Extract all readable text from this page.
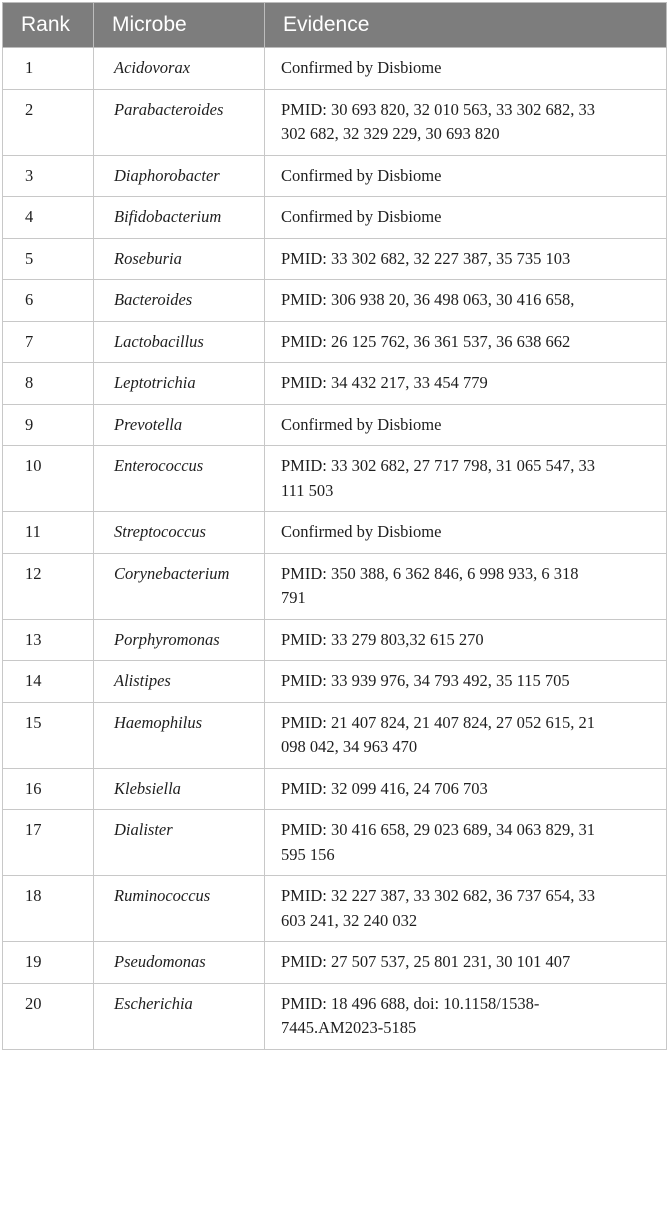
Rank	Microbe	Evidence
1	Acidovorax	Confirmed by Disbiome
2	Parabacteroides	PMID: 30 693 820, 32 010 563, 33 302 682, 33 302 682, 32 329 229, 30 693 820
3	Diaphorobacter	Confirmed by Disbiome
4	Bifidobacterium	Confirmed by Disbiome
5	Roseburia	PMID: 33 302 682, 32 227 387, 35 735 103
6	Bacteroides	PMID: 306 938 20, 36 498 063, 30 416 658,
7	Lactobacillus	PMID: 26 125 762, 36 361 537, 36 638 662
8	Leptotrichia	PMID: 34 432 217, 33 454 779
9	Prevotella	Confirmed by Disbiome
10	Enterococcus	PMID: 33 302 682, 27 717 798, 31 065 547, 33 111 503
11	Streptococcus	Confirmed by Disbiome
12	Corynebacterium	PMID: 350 388, 6 362 846, 6 998 933, 6 318 791
13	Porphyromonas	PMID: 33 279 803,32 615 270
14	Alistipes	PMID: 33 939 976, 34 793 492, 35 115 705
15	Haemophilus	PMID: 21 407 824, 21 407 824, 27 052 615, 21 098 042, 34 963 470
16	Klebsiella	PMID: 32 099 416, 24 706 703
17	Dialister	PMID: 30 416 658, 29 023 689, 34 063 829, 31 595 156
18	Ruminococcus	PMID: 32 227 387, 33 302 682, 36 737 654, 33 603 241, 32 240 032
19	Pseudomonas	PMID: 27 507 537, 25 801 231, 30 101 407
20	Escherichia	PMID: 18 496 688, doi: 10.1158/1538-7445.AM2023-5185
